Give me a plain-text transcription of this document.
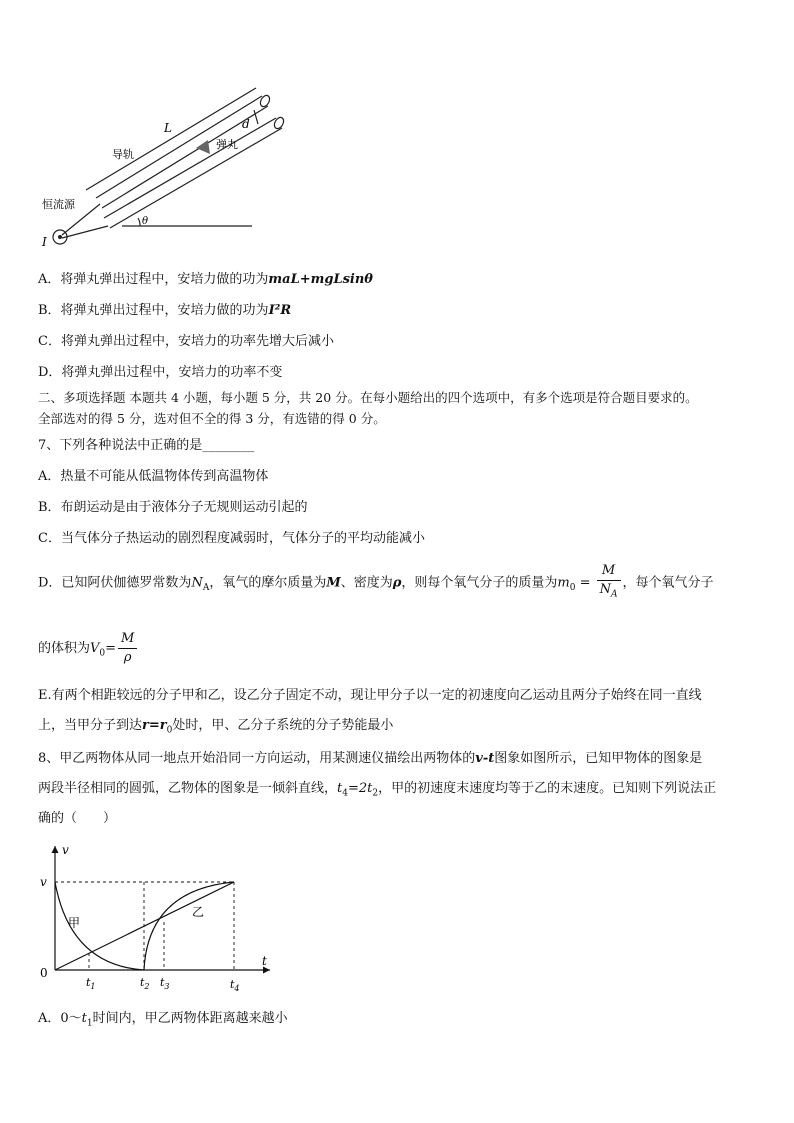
L
导轨
弹丸
d
恒流源
θ
I
A．将弹丸弹出过程中，安培力做的功为maL+mgLsinθ
B．将弹丸弹出过程中，安培力做的功为I²R
C．将弹丸弹出过程中，安培力的功率先增大后减小
D．将弹丸弹出过程中，安培力的功率不变
二、多项选择题 本题共 4 小题，每小题 5 分，共 20 分。在每小题给出的四个选项中，有多个选项是符合题目要求的。
全部选对的得 5 分，选对但不全的得 3 分，有选错的得 0 分。
7、下列各种说法中正确的是________
A．热量不可能从低温物体传到高温物体
B．布朗运动是由于液体分子无规则运动引起的
C．当气体分子热运动的剧烈程度减弱时，气体分子的平均动能减小
D．已知阿伏伽德罗常数为$N_A$，氧气的摩尔质量为M、密度为ρ，则每个氧气分子的质量为$m_0 = \frac{M}{N_A}$ ，每个氧气分子
的体积为$V_0= \frac{M}{\rho}$
E.有两个相距较远的分子甲和乙，设乙分子固定不动，现让甲分子以一定的初速度向乙运动且两分子始终在同一直线
上，当甲分子到达$r=r_0$处时，甲、乙分子系统的分子势能最小
8、甲乙两物体从同一地点开始沿同一方向运动，用某测速仪描绘出两物体的v-t图象如图所示，已知甲物体的图象是
两段半径相同的圆弧，乙物体的图象是一倾斜直线，$t_4=2t_2$，甲的初速度末速度均等于乙的末速度。已知则下列说法正
确的（　　）
v
t
v
0
甲
乙
$t_1$	$t_2$ $t_3$	$t_4$
A．$0\sim t_1$时间内，甲乙两物体距离越来越小
